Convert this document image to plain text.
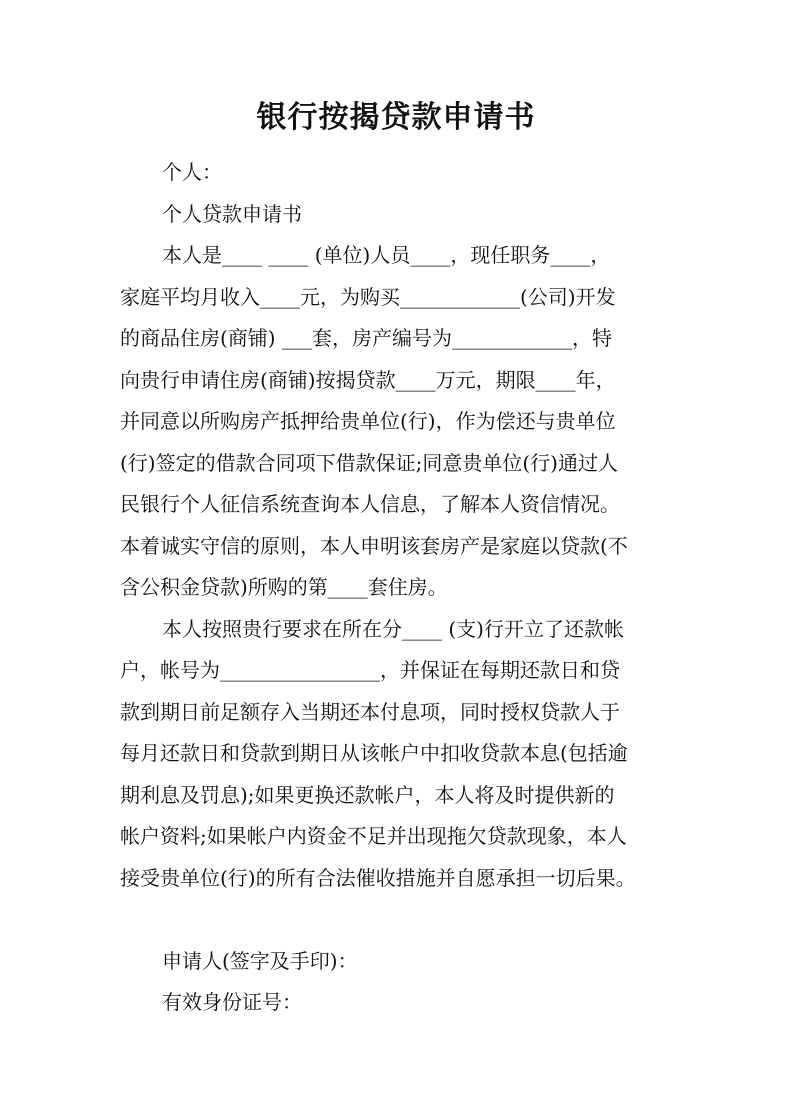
银行按揭贷款申请书
个人：
个人贷款申请书
本人是____ ____ (单位)人员____，现任职务____，
家庭平均月收入____元，为购买____________(公司)开发
的商品住房(商铺) ___套，房产编号为____________，特
向贵行申请住房(商铺)按揭贷款____万元，期限____年，
并同意以所购房产抵押给贵单位(行)，作为偿还与贵单位
(行)签定的借款合同项下借款保证;同意贵单位(行)通过人
民银行个人征信系统查询本人信息，了解本人资信情况。
本着诚实守信的原则，本人申明该套房产是家庭以贷款(不
含公积金贷款)所购的第____套住房。
本人按照贵行要求在所在分____ (支)行开立了还款帐
户，帐号为________________，并保证在每期还款日和贷
款到期日前足额存入当期还本付息项，同时授权贷款人于
每月还款日和贷款到期日从该帐户中扣收贷款本息(包括逾
期利息及罚息);如果更换还款帐户，本人将及时提供新的
帐户资料;如果帐户内资金不足并出现拖欠贷款现象，本人
接受贵单位(行)的所有合法催收措施并自愿承担一切后果。
申请人(签字及手印)：
有效身份证号：
